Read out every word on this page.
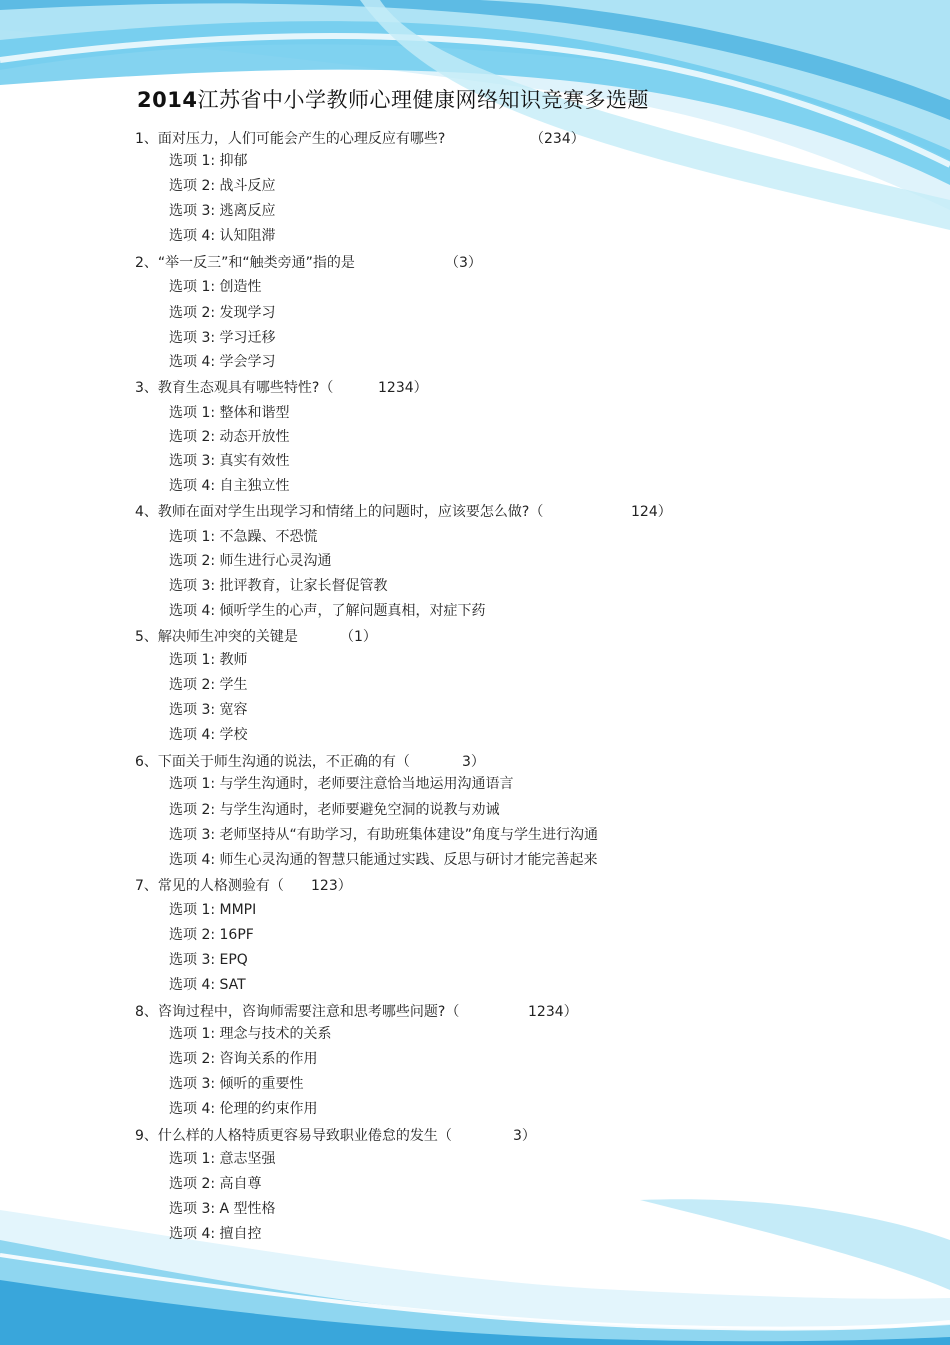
2014江苏省中小学教师心理健康网络知识竞赛多选题
1、面对压力，人们可能会产生的心理反应有哪些?	（234）
选项 1: 抑郁
选项 2: 战斗反应
选项 3: 逃离反应
选项 4: 认知阻滞
2、“举一反三”和“触类旁通”指的是	（3）
选项 1: 创造性
选项 2: 发现学习
选项 3: 学习迁移
选项 4: 学会学习
3、教育生态观具有哪些特性?（	1234）
选项 1: 整体和谐型
选项 2: 动态开放性
选项 3: 真实有效性
选项 4: 自主独立性
4、教师在面对学生出现学习和情绪上的问题时，应该要怎么做?（	124）
选项 1: 不急躁、不恐慌
选项 2: 师生进行心灵沟通
选项 3: 批评教育，让家长督促管教
选项 4: 倾听学生的心声，了解问题真相，对症下药
5、解决师生冲突的关键是	（1）
选项 1: 教师
选项 2: 学生
选项 3: 宽容
选项 4: 学校
6、下面关于师生沟通的说法，不正确的有（	3）
选项 1: 与学生沟通时，老师要注意恰当地运用沟通语言
选项 2: 与学生沟通时，老师要避免空洞的说教与劝诫
选项 3: 老师坚持从“有助学习，有助班集体建设”角度与学生进行沟通
选项 4: 师生心灵沟通的智慧只能通过实践、反思与研讨才能完善起来
7、常见的人格测验有（ 123）
选项 1: MMPI
选项 2: 16PF
选项 3: EPQ
选项 4: SAT
8、咨询过程中，咨询师需要注意和思考哪些问题?（	1234）
选项 1: 理念与技术的关系
选项 2: 咨询关系的作用
选项 3: 倾听的重要性
选项 4: 伦理的约束作用
9、什么样的人格特质更容易导致职业倦怠的发生（	3）
选项 1: 意志坚强
选项 2: 高自尊
选项 3: A 型性格
选项 4: 擅自控
